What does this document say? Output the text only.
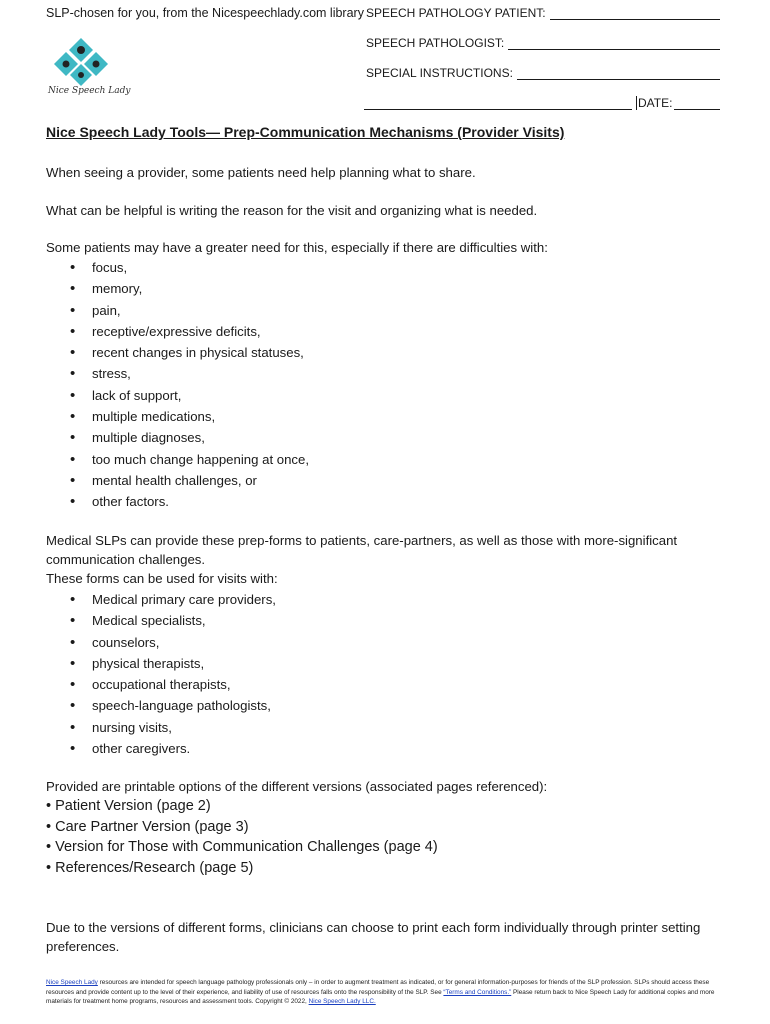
SLP-chosen for you, from the Nicespeechlady.com library
Nice Speech Lady
SPEECH PATHOLOGY PATIENT:
SPEECH PATHOLOGIST:
SPECIAL INSTRUCTIONS:
DATE:
Nice Speech Lady Tools— Prep-Communication Mechanisms (Provider Visits)
When seeing a provider, some patients need help planning what to share.
What can be helpful is writing the reason for the visit and organizing what is needed.
Some patients may have a greater need for this, especially if there are difficulties with:
• focus,
• memory,
• pain,
• receptive/expressive deficits,
• recent changes in physical statuses,
• stress,
• lack of support,
• multiple medications,
• multiple diagnoses,
• too much change happening at once,
• mental health challenges, or
• other factors.
Medical SLPs can provide these prep-forms to patients, care-partners, as well as those with more-significant communication challenges.
These forms can be used for visits with:
• Medical primary care providers,
• Medical specialists,
• counselors,
• physical therapists,
• occupational therapists,
• speech-language pathologists,
• nursing visits,
• other caregivers.
Provided are printable options of the different versions (associated pages referenced):
• Patient Version (page 2)
• Care Partner Version (page 3)
• Version for Those with Communication Challenges (page 4)
• References/Research (page 5)
Due to the versions of different forms, clinicians can choose to print each form individually through printer setting preferences.
Nice Speech Lady resources are intended for speech language pathology professionals only – in order to augment treatment as indicated, or for general information-purposes for friends of the SLP profession. SLPs should access these resources and provide content up to the level of their experience, and liability of use of resources falls onto the responsibility of the SLP. See “Terms and Conditions.” Please return back to Nice Speech Lady for additional copies and more materials for treatment home programs, resources and assessment tools. Copyright © 2022, Nice Speech Lady LLC.
